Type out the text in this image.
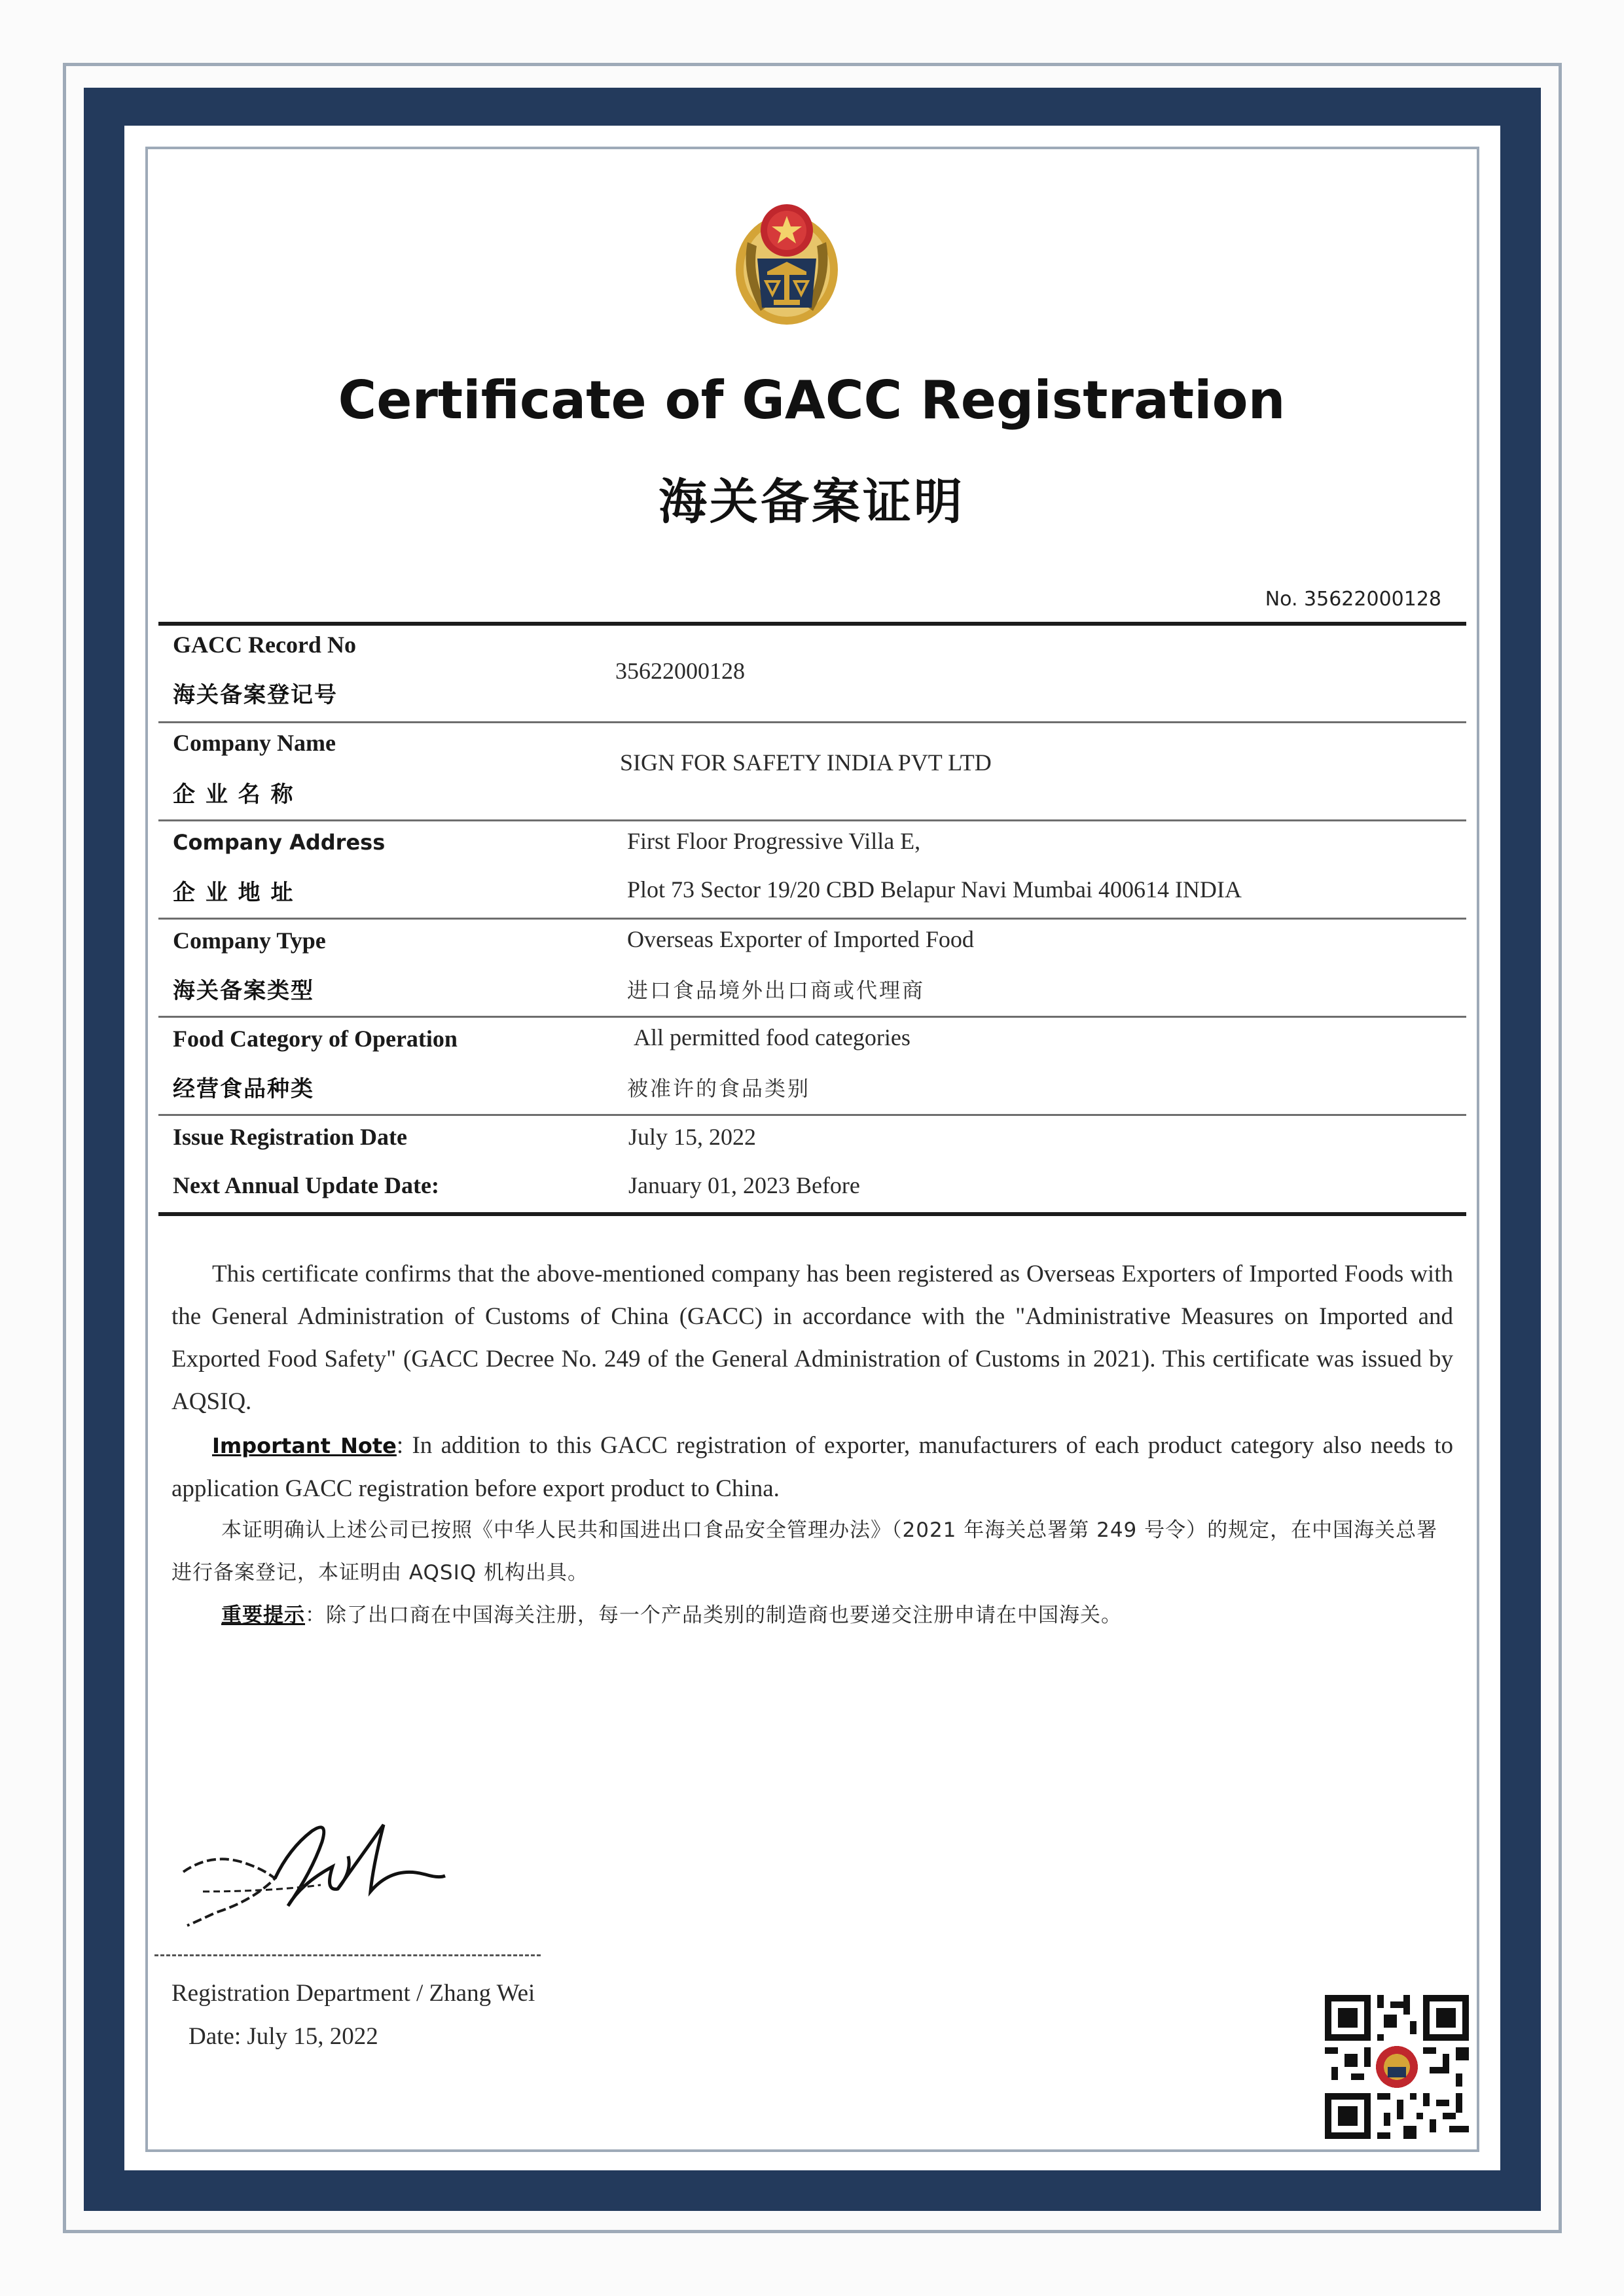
Certificate of GACC Registration
海关备案证明
No. 35622000128
GACC Record No
海关备案登记号
35622000128
Company Name
企 业 名 称
SIGN FOR SAFETY INDIA PVT LTD
Company Address
企 业 地 址
First Floor Progressive Villa E,
Plot 73 Sector 19/20 CBD Belapur Navi Mumbai 400614 INDIA
Company Type
海关备案类型
Overseas Exporter of Imported Food
进口食品境外出口商或代理商
Food Category of Operation
经营食品种类
All permitted food categories
被准许的食品类别
Issue Registration Date	July 15, 2022
Next Annual Update Date:	January 01, 2023 Before
This certificate confirms that the above-mentioned company has been registered as Overseas Exporters of Imported Foods with the General Administration of Customs of China (GACC) in accordance with the "Administrative Measures on Imported and Exported Food Safety" (GACC Decree No. 249 of the General Administration of Customs in 2021). This certificate was issued by AQSIQ.
Important Note: In addition to this GACC registration of exporter, manufacturers of each product category also needs to application GACC registration before export product to China.
本证明确认上述公司已按照《中华人民共和国进出口食品安全管理办法》（2021 年海关总署第 249 号令）的规定，在中国海关总署进行备案登记，本证明由 AQSIQ 机构出具。
重要提示：除了出口商在中国海关注册，每一个产品类别的制造商也要递交注册申请在中国海关。
Registration Department / Zhang Wei
Date: July 15, 2022
